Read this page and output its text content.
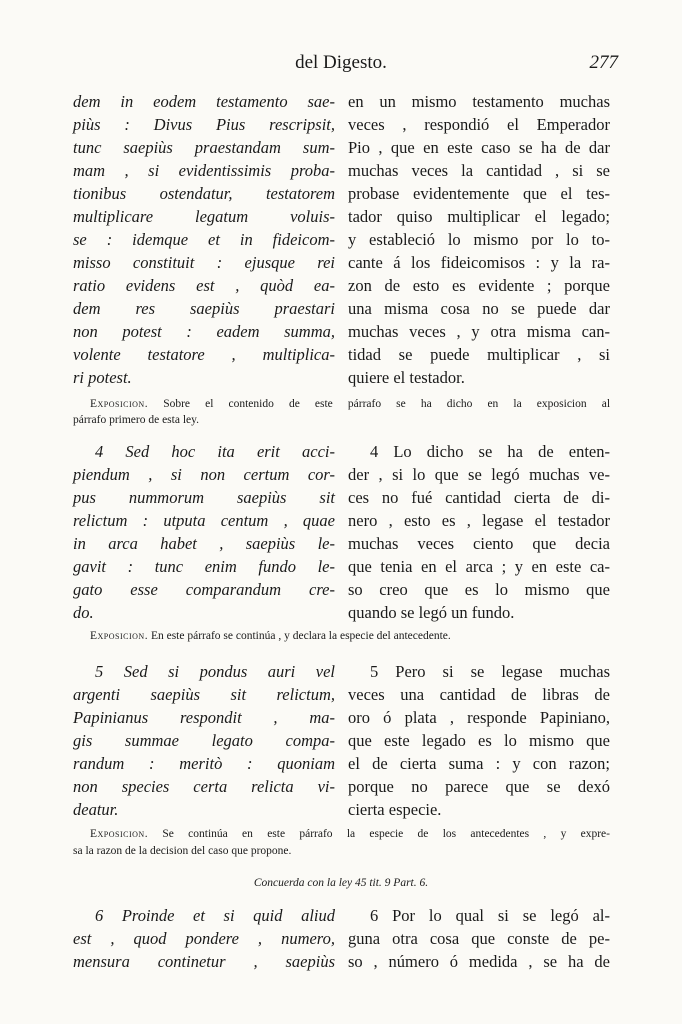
del Digesto.	277
dem in eodem testamento sae-
piùs : Divus Pius rescripsit,
tunc saepiùs praestandam sum-
mam , si evidentissimis proba-
tionibus ostendatur, testatorem
multiplicare legatum voluis-
se : idemque et in fideicom-
misso constituit : ejusque rei
ratio evidens est , quòd ea-
dem res saepiùs praestari
non potest : eadem summa,
volente testatore , multiplica-
ri potest.
en un mismo testamento muchas
veces , respondió el Emperador
Pio , que en este caso se ha de dar
muchas veces la cantidad , si se
probase evidentemente que el tes-
tador quiso multiplicar el legado;
y estableció lo mismo por lo to-
cante á los fideicomisos : y la ra-
zon de esto es evidente ; porque
una misma cosa no se puede dar
muchas veces , y otra misma can-
tidad se puede multiplicar , si
quiere el testador.
Exposicion. Sobre el contenido de este párrafo se ha dicho en la exposicion al
párrafo primero de esta ley.
4 Sed hoc ita erit acci-
piendum , si non certum cor-
pus nummorum saepiùs sit
relictum : utputa centum , quae
in arca habet , saepiùs le-
gavit : tunc enim fundo le-
gato esse comparandum cre-
do.
4 Lo dicho se ha de enten-
der , si lo que se legó muchas ve-
ces no fué cantidad cierta de di-
nero , esto es , legase el testador
muchas veces ciento que decia
que tenia en el arca ; y en este ca-
so creo que es lo mismo que
quando se legó un fundo.
Exposicion. En este párrafo se continúa , y declara la especie del antecedente.
5 Sed si pondus auri vel
argenti saepiùs sit relictum,
Papinianus respondit , ma-
gis summae legato compa-
randum : meritò : quoniam
non species certa relicta vi-
deatur.
5 Pero si se legase muchas
veces una cantidad de libras de
oro ó plata , responde Papiniano,
que este legado es lo mismo que
el de cierta suma : y con razon;
porque no parece que se dexó
cierta especie.
Exposicion. Se continúa en este párrafo la especie de los antecedentes , y expre-
sa la razon de la decision del caso que propone.
Concuerda con la ley 45 tit. 9 Part. 6.
6 Proinde et si quid aliud
est , quod pondere , numero,
mensura continetur , saepiùs
6 Por lo qual si se legó al-
guna otra cosa que conste de pe-
so , número ó medida , se ha de
